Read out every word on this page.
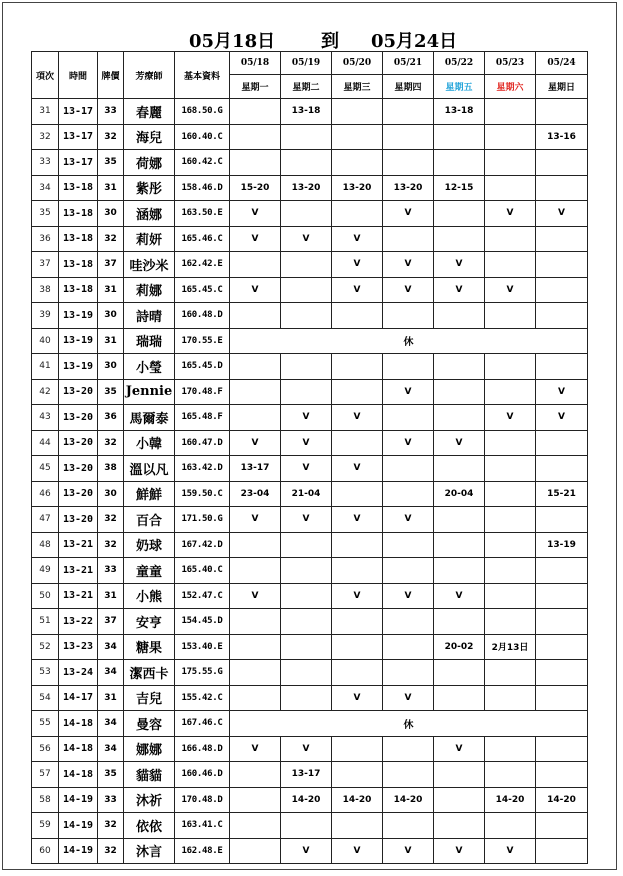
05月18日	到 05月24日
項次	時間	牌價	芳療師	基本資料	05/18	05/19	05/20	05/21	05/22	05/23	05/24
					星期一	星期二	星期三	星期四	星期五	星期六	星期日
31	13-17	33	春麗	168.50.G		13-18			13-18		
32	13-17	32	海兒	160.40.C							13-16
33	13-17	35	荷娜	160.42.C							
34	13-18	31	紫彤	158.46.D	15-20	13-20	13-20	13-20	12-15		
35	13-18	30	涵娜	163.50.E	V			V		V	V
36	13-18	32	莉妍	165.46.C	V	V	V				
37	13-18	37	哇沙米	162.42.E			V	V	V		
38	13-18	31	莉娜	165.45.C	V		V	V	V	V	
39	13-19	30	詩晴	160.48.D							
40	13-19	31	瑞瑞	170.55.E	休						
41	13-19	30	小瑩	165.45.D							
42	13-20	35	Jennie	170.48.F				V			V
43	13-20	36	馬爾泰	165.48.F		V	V			V	V
44	13-20	32	小韓	160.47.D	V	V		V	V		
45	13-20	38	溫以凡	163.42.D	13-17	V	V				
46	13-20	30	鮮鮮	159.50.C	23-04	21-04			20-04		15-21
47	13-20	32	百合	171.50.G	V	V	V	V			
48	13-21	32	奶球	167.42.D							13-19
49	13-21	33	童童	165.40.C							
50	13-21	31	小熊	152.47.C	V		V	V	V		
51	13-22	37	安亨	154.45.D							
52	13-23	34	糖果	153.40.E					20-02	2月13日	
53	13-24	34	潔西卡	175.55.G							
54	14-17	31	吉兒	155.42.C			V	V			
55	14-18	34	曼容	167.46.C	休						
56	14-18	34	娜娜	166.48.D	V	V			V		
57	14-18	35	貓貓	160.46.D		13-17					
58	14-19	33	沐祈	170.48.D		14-20	14-20	14-20		14-20	14-20
59	14-19	32	依依	163.41.C							
60	14-19	32	沐言	162.48.E		V	V	V	V	V	
